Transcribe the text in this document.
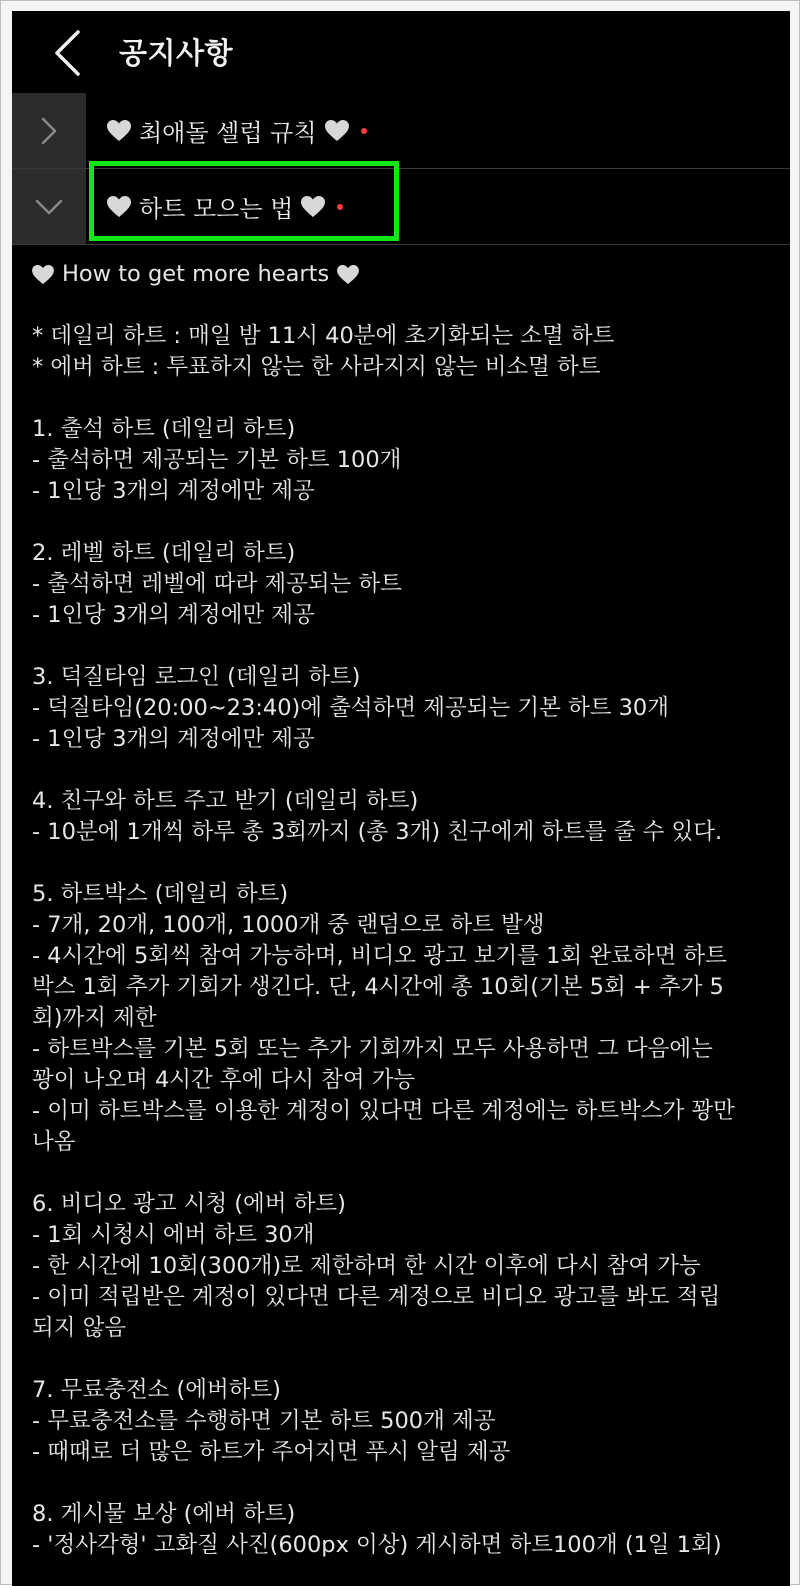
공지사항
최애돌 셀럽 규칙
하트 모으는 법
How to get more hearts
* 데일리 하트 : 매일 밤 11시 40분에 초기화되는 소멸 하트
* 에버 하트 : 투표하지 않는 한 사라지지 않는 비소멸 하트
1. 출석 하트 (데일리 하트)
- 출석하면 제공되는 기본 하트 100개
- 1인당 3개의 계정에만 제공
2. 레벨 하트 (데일리 하트)
- 출석하면 레벨에 따라 제공되는 하트
- 1인당 3개의 계정에만 제공
3. 덕질타임 로그인 (데일리 하트)
- 덕질타임(20:00~23:40)에 출석하면 제공되는 기본 하트 30개
- 1인당 3개의 계정에만 제공
4. 친구와 하트 주고 받기 (데일리 하트)
- 10분에 1개씩 하루 총 3회까지 (총 3개) 친구에게 하트를 줄 수 있다.
5. 하트박스 (데일리 하트)
- 7개, 20개, 100개, 1000개 중 랜덤으로 하트 발생
- 4시간에 5회씩 참여 가능하며, 비디오 광고 보기를 1회 완료하면 하트
박스 1회 추가 기회가 생긴다. 단, 4시간에 총 10회(기본 5회 + 추가 5
회)까지 제한
- 하트박스를 기본 5회 또는 추가 기회까지 모두 사용하면 그 다음에는
꽝이 나오며 4시간 후에 다시 참여 가능
- 이미 하트박스를 이용한 계정이 있다면 다른 계정에는 하트박스가 꽝만
나옴
6. 비디오 광고 시청 (에버 하트)
- 1회 시청시 에버 하트 30개
- 한 시간에 10회(300개)로 제한하며 한 시간 이후에 다시 참여 가능
- 이미 적립받은 계정이 있다면 다른 계정으로 비디오 광고를 봐도 적립
되지 않음
7. 무료충전소 (에버하트)
- 무료충전소를 수행하면 기본 하트 500개 제공
- 때때로 더 많은 하트가 주어지면 푸시 알림 제공
8. 게시물 보상 (에버 하트)
- '정사각형' 고화질 사진(600px 이상) 게시하면 하트100개 (1일 1회)
